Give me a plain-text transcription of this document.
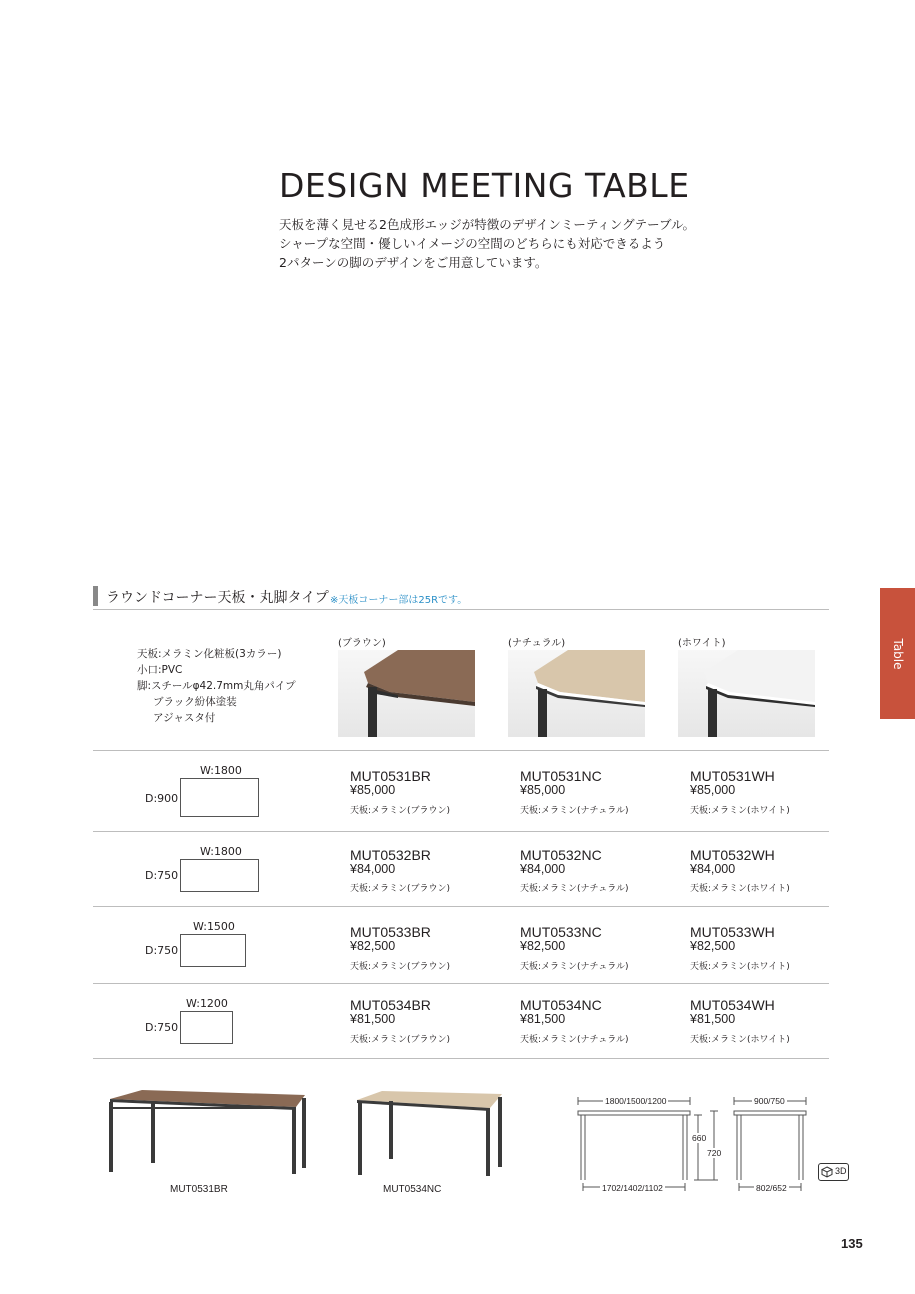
DESIGN MEETING TABLE
天板を薄く見せる2色成形エッジが特徴のデザインミーティングテーブル。
シャープな空間・優しいイメージの空間のどちらにも対応できるよう
2パターンの脚のデザインをご用意しています。
Table
ラウンドコーナー天板・丸脚タイプ ※天板コーナー部は25Rです。
天板:メラミン化粧板(3カラー)
小口:PVC
脚:スチールφ42.7mm丸角パイプ
ブラック紛体塗装
アジャスタ付
(ブラウン)	(ナチュラル)	(ホワイト)
W:1800
D:900
MUT0531BR
¥85,000
天板:メラミン(ブラウン)
MUT0531NC
¥85,000
天板:メラミン(ナチュラル)
MUT0531WH
¥85,000
天板:メラミン(ホワイト)
W:1800
D:750
MUT0532BR
¥84,000
天板:メラミン(ブラウン)
MUT0532NC
¥84,000
天板:メラミン(ナチュラル)
MUT0532WH
¥84,000
天板:メラミン(ホワイト)
W:1500
D:750
MUT0533BR
¥82,500
天板:メラミン(ブラウン)
MUT0533NC
¥82,500
天板:メラミン(ナチュラル)
MUT0533WH
¥82,500
天板:メラミン(ホワイト)
W:1200
D:750
MUT0534BR
¥81,500
天板:メラミン(ブラウン)
MUT0534NC
¥81,500
天板:メラミン(ナチュラル)
MUT0534WH
¥81,500
天板:メラミン(ホワイト)
MUT0531BR	MUT0534NC
1800/1500/1200
1702/1402/1102
660
720
900/750
802/652
3D
135
